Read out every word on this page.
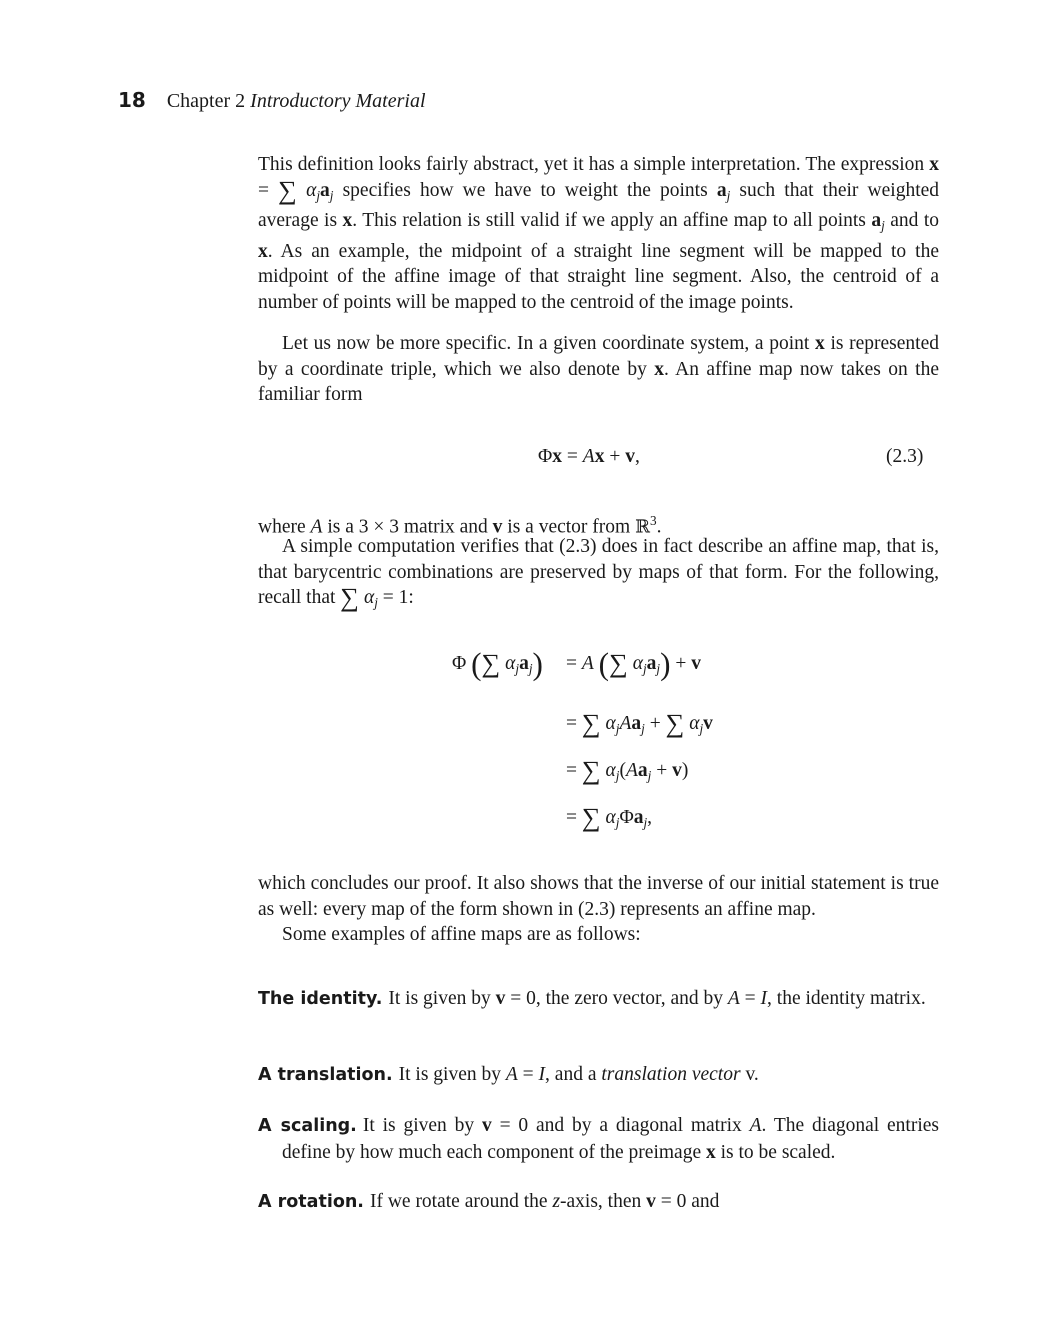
18 Chapter 2 Introductory Material
This definition looks fairly abstract, yet it has a simple interpretation. The expression x = ∑ $\alpha_ja_j$ specifies how we have to weight the points $a_j$ such that their weighted average is x. This relation is still valid if we apply an affine map to all points $a_j$ and to x. As an example, the midpoint of a straight line segment will be mapped to the midpoint of the affine image of that straight line segment. Also, the centroid of a number of points will be mapped to the centroid of the image points.
Let us now be more specific. In a given coordinate system, a point x is represented by a coordinate triple, which we also denote by x. An affine map now takes on the familiar form
Φx = Ax + v,	(2.3)
where A is a 3 × 3 matrix and v is a vector from ℝ$^3$.
A simple computation verifies that (2.3) does in fact describe an affine map, that is, that barycentric combinations are preserved by maps of that form. For the following, recall that ∑ $\alpha_j = 1$:
Φ (∑ $\alpha_ja_j) = A$ (∑ $\alpha_ja_j) + v$
= ∑ $\alpha_jAa_j$ + ∑ $\alpha_jv$
= ∑ $\alpha_j(Aa_j + v)$
= ∑ $\alpha_j\Phi a_j$,
which concludes our proof. It also shows that the inverse of our initial statement is true as well: every map of the form shown in (2.3) represents an affine map.
Some examples of affine maps are as follows:
The identity. It is given by v = 0, the zero vector, and by A = I, the identity matrix.
A translation. It is given by A = I, and a translation vector v.
A scaling. It is given by v = 0 and by a diagonal matrix A. The diagonal entries define by how much each component of the preimage x is to be scaled.
A rotation. If we rotate around the z-axis, then v = 0 and
